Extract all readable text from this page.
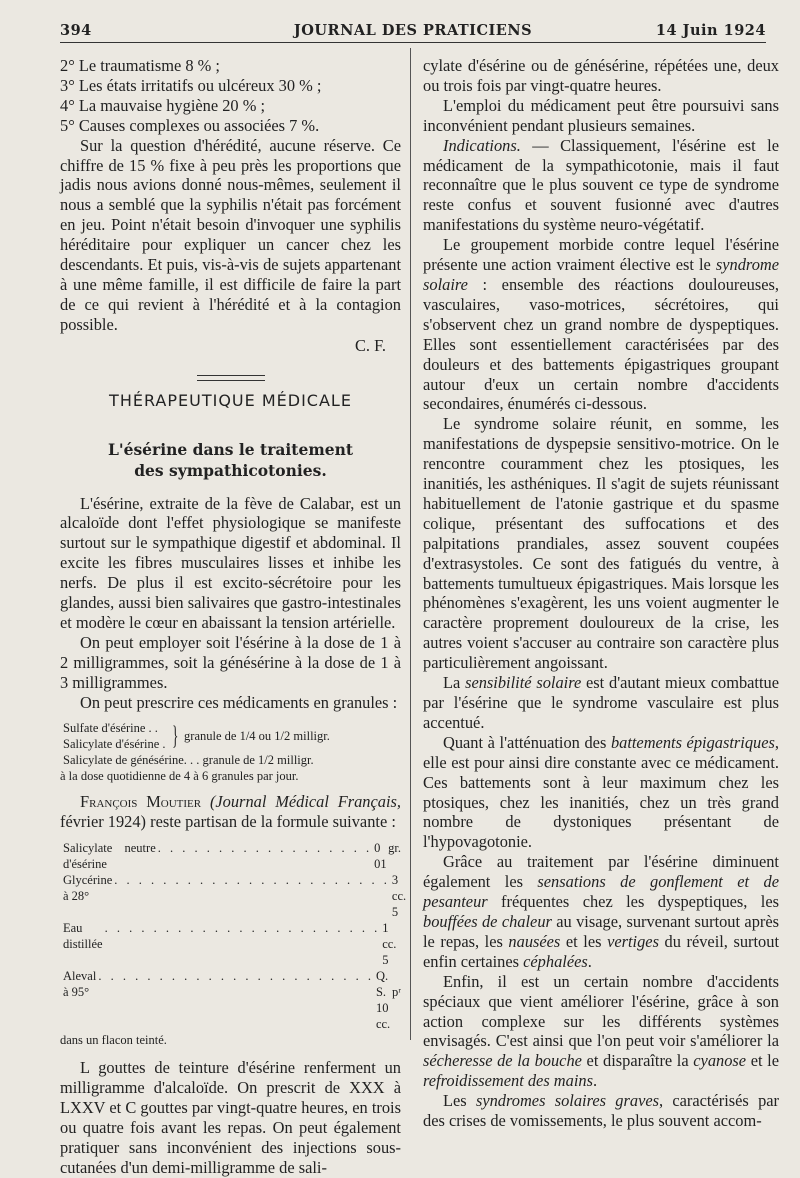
394	JOURNAL DES PRATICIENS	14 Juin 1924

2° Le traumatisme 8 % ;

3° Les états irritatifs ou ulcéreux 30 % ;

4° La mauvaise hygiène 20 % ;

5° Causes complexes ou associées 7 %.

Sur la question d'hérédité, aucune réserve. Ce chiffre de 15 % fixe à peu près les proportions que jadis nous avions donné nous-mêmes, seulement il nous a semblé que la syphilis n'était pas forcément en jeu. Point n'était besoin d'invoquer une syphilis héréditaire pour expliquer un cancer chez les descendants. Et puis, vis-à-vis de sujets appartenant à une même famille, il est difficile de faire la part de ce qui revient à l'hérédité et à la contagion possible.

C. F.
THÉRAPEUTIQUE MÉDICALE
L'ésérine dans le traitement
des sympathicotonies.

L'ésérine, extraite de la fève de Calabar, est un alcaloïde dont l'effet physiologique se manifeste surtout sur le sympathique digestif et abdominal. Il excite les fibres musculaires lisses et inhibe les nerfs. De plus il est excito-sécrétoire pour les glandes, aussi bien salivaires que gastro-intestinales et modère le cœur en abaissant la tension artérielle.

On peut employer soit l'ésérine à la dose de 1 à 2 milligrammes, soit la génésérine à la dose de 1 à 3 milligrammes.

On peut prescrire ces médicaments en granules :

Sulfate d'ésérine . .
Salicylate d'ésérine . } granule de 1/4 ou 1/2 milligr.
Salicylate de génésérine. . . granule de 1/2 milligr.
à la dose quotidienne de 4 à 6 granules par jour.

François Moutier (Journal Médical Français, février 1924) reste partisan de la formule suivante :

Salicylate neutre d'ésérine
. . . . . . . . . . . . . . . . . . 0 gr. 01
Glycérine à 28°
. . . . . . . . . . . . . . . . . . . . . . . 3 cc. 5
Eau distillée
. . . . . . . . . . . . . . . . . . . . . . . 1 cc. 5
Aleval à 95°
. . . . . . . . . . . . . . . . . . . . . . . Q. S. pʳ 10 cc.
dans un flacon teinté.

L gouttes de teinture d'ésérine renferment un milligramme d'alcaloïde. On prescrit de XXX à LXXV et C gouttes par vingt-quatre heures, en trois ou quatre fois avant les repas. On peut également pratiquer sans inconvénient des injections sous-cutanées d'un demi-milligramme de sali-

cylate d'ésérine ou de génésérine, répétées une, deux ou trois fois par vingt-quatre heures.

L'emploi du médicament peut être poursuivi sans inconvénient pendant plusieurs semaines.

Indications. — Classiquement, l'ésérine est le médicament de la sympathicotonie, mais il faut reconnaître que le plus souvent ce type de syndrome reste confus et souvent fusionné avec d'autres manifestations du système neuro-végétatif.

Le groupement morbide contre lequel l'ésérine présente une action vraiment élective est le syndrome solaire : ensemble des réactions douloureuses, vasculaires, vaso-motrices, sécrétoires, qui s'observent chez un grand nombre de dyspeptiques. Elles sont essentiellement caractérisées par des douleurs et des battements épigastriques groupant autour d'eux un certain nombre d'accidents secondaires, énumérés ci-dessous.

Le syndrome solaire réunit, en somme, les manifestations de dyspepsie sensitivo-motrice. On le rencontre couramment chez les ptosiques, les inanitiés, les asthéniques. Il s'agit de sujets réunissant habituellement de l'atonie gastrique et du spasme colique, présentant des suffocations et des palpitations prandiales, assez souvent coupées d'extrasystoles. Ce sont des fatigués du ventre, à battements tumultueux épigastriques. Mais lorsque les phénomènes s'exagèrent, les uns voient augmenter le caractère proprement douloureux de la crise, les autres voient s'accuser au contraire son caractère plus particulièrement angoissant.

La sensibilité solaire est d'autant mieux combattue par l'ésérine que le syndrome vasculaire est plus accentué.

Quant à l'atténuation des battements épigastriques, elle est pour ainsi dire constante avec ce médicament. Ces battements sont à leur maximum chez les ptosiques, chez les inanitiés, chez un très grand nombre de dystoniques présentant de l'hypovagotonie.

Grâce au traitement par l'ésérine diminuent également les sensations de gonflement et de pesanteur fréquentes chez les dyspeptiques, les bouffées de chaleur au visage, survenant surtout après le repas, les nausées et les vertiges du réveil, surtout enfin certaines céphalées.

Enfin, il est un certain nombre d'accidents spéciaux que vient améliorer l'ésérine, grâce à son action complexe sur les différents systèmes envisagés. C'est ainsi que l'on peut voir s'améliorer la sécheresse de la bouche et disparaître la cyanose et le refroidissement des mains.

Les syndromes solaires graves, caractérisés par des crises de vomissements, le plus souvent accom-
